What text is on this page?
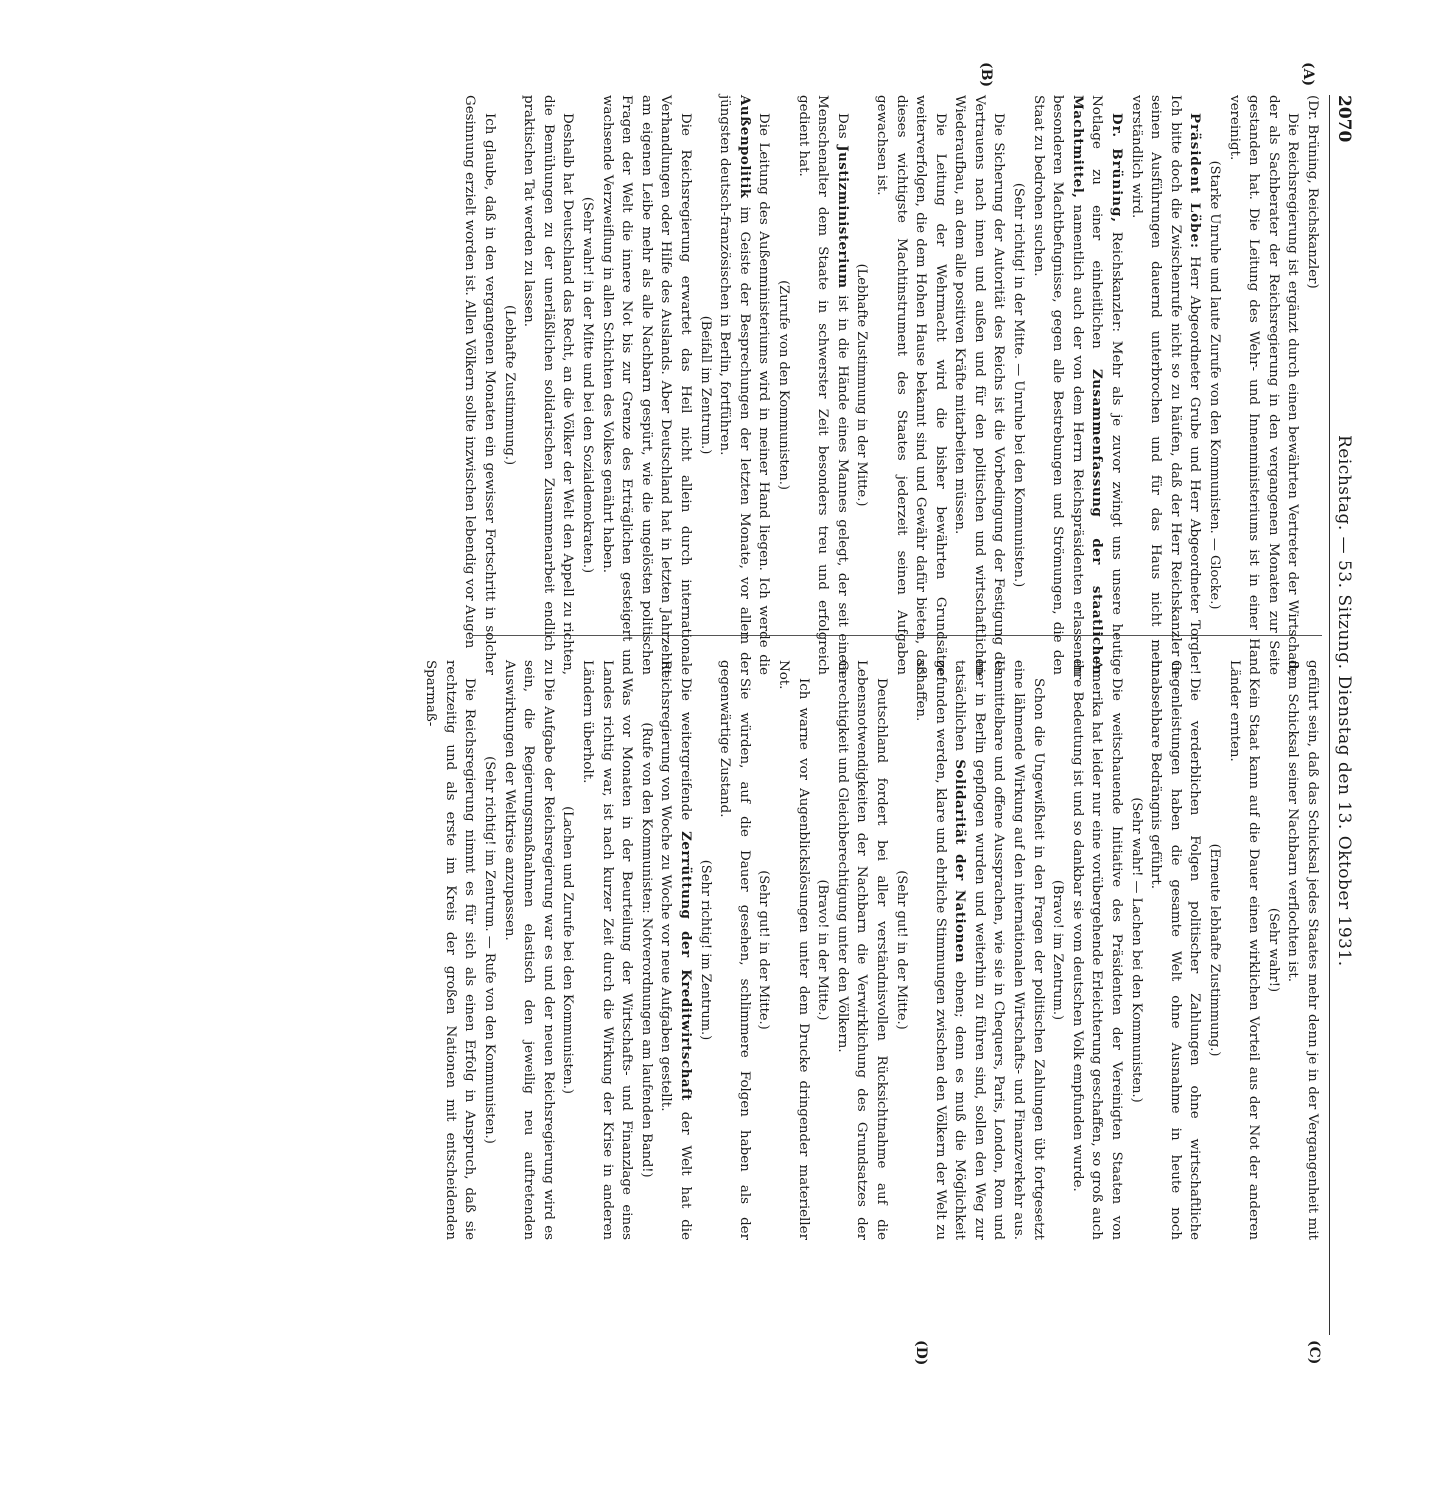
2070
Reichstag. — 53. Sitzung. Dienstag den 13. Oktober 1931.
(A)
(B)
(C)
(D)

(Dr. Brüning, Reichskanzler)

Die Reichsregierung ist ergänzt durch einen bewährten Vertreter der Wirtschaft, der als Sachberater der Reichsregierung in den vergangenen Monaten zur Seite gestanden hat. Die Leitung des Wehr- und Innenministeriums ist in einer Hand vereinigt.

(Starke Unruhe und laute Zurufe von den Kommunisten. — Glocke.)

Präsident Löbe: Herr Abgeordneter Grube und Herr Abgeordneter Torgler! Ich bitte doch die Zwischenrufe nicht so zu häufen, daß der Herr Reichskanzler in seinen Ausführungen dauernd unterbrochen und für das Haus nicht mehr verständlich wird.

Dr. Brüning, Reichskanzler: Mehr als je zuvor zwingt uns unsere heutige Notlage zu einer einheitlichen Zusammenfassung der staatlichen Machtmittel, namentlich auch der von dem Herrn Reichspräsidenten erlassenen besonderen Machtbefugnisse, gegen alle Bestrebungen und Strömungen, die den Staat zu bedrohen suchen.

(Sehr richtig! in der Mitte. — Unruhe bei den Kommunisten.)

Die Sicherung der Autorität des Reichs ist die Vorbedingung der Festigung des Vertrauens nach innen und außen und für den politischen und wirtschaftlichen Wiederaufbau, an dem alle positiven Kräfte mitarbeiten müssen.

Die Leitung der Wehrmacht wird die bisher bewährten Grundsätze weiterverfolgen, die dem Hohen Hause bekannt sind und Gewähr dafür bieten, daß dieses wichtigste Machtinstrument des Staates jederzeit seinen Aufgaben gewachsen ist.

(Lebhafte Zustimmung in der Mitte.)

Das Justizministerium ist in die Hände eines Mannes gelegt, der seit einem Menschenalter dem Staate in schwerster Zeit besonders treu und erfolgreich gedient hat.

(Zurufe von den Kommunisten.)

Die Leitung des Außenministeriums wird in meiner Hand liegen. Ich werde die Außenpolitik im Geiste der Besprechungen der letzten Monate, vor allem der jüngsten deutsch-französischen in Berlin, fortführen.

(Beifall im Zentrum.)

Die Reichsregierung erwartet das Heil nicht allein durch internationale Verhandlungen oder Hilfe des Auslands. Aber Deutschland hat in letzten Jahrzehnt am eigenen Leibe mehr als alle Nachbarn gespürt, wie die ungelösten politischen Fragen der Welt die innere Not bis zur Grenze des Erträglichen gesteigert und wachsende Verzweiflung in allen Schichten des Volkes genährt haben.

(Sehr wahr! in der Mitte und bei den Sozialdemokraten.)

Deshalb hat Deutschland das Recht, an die Völker der Welt den Appell zu richten, die Bemühungen zu der unerläßlichen solidarischen Zusammenarbeit endlich zu praktischen Tat werden zu lassen.

(Lebhafte Zustimmung.)

Ich glaube, daß in den vergangenen Monaten ein gewisser Fortschritt in solcher Gesinnung erzielt worden ist. Allen Völkern sollte inzwischen lebendig vor Augen

geführt sein, daß das Schicksal jedes Staates mehr denn je in der Vergangenheit mit dem Schicksal seiner Nachbarn verflochten ist.

(Sehr wahr!)

Kein Staat kann auf die Dauer einen wirklichen Vorteil aus der Not der anderen Länder ernten.

(Erneute lebhafte Zustimmung.)

Die verderblichen Folgen politischer Zahlungen ohne wirtschaftliche Gegenleistungen haben die gesamte Welt ohne Ausnahme in heute noch unabsehbare Bedrängnis geführt.

(Sehr wahr! — Lachen bei den Kommunisten.)

Die weitschauende Initiative des Präsidenten der Vereinigten Staaten von Amerika hat leider nur eine vorübergehende Erleichterung geschaffen, so groß auch ihre Bedeutung ist und so dankbar sie vom deutschen Volk empfunden wurde.

(Bravo! im Zentrum.)

Schon die Ungewißheit in den Fragen der politischen Zahlungen übt fortgesetzt eine lähmende Wirkung auf den internationalen Wirtschafts- und Finanzverkehr aus. Unmittelbare und offene Aussprachen, wie sie in Chequers, Paris, London, Rom und hier in Berlin gepflogen wurden und weiterhin zu führen sind, sollen den Weg zur tatsächlichen Solidarität der Nationen ebnen; denn es muß die Möglichkeit gefunden werden, klare und ehrliche Stimmungen zwischen den Völkern der Welt zu schaffen.

(Sehr gut! in der Mitte.)

Deutschland fordert bei aller verständnisvollen Rücksichtnahme auf die Lebensnotwendigkeiten der Nachbarn die Verwirklichung des Grundsatzes der Gerechtigkeit und Gleichberechtigung unter den Völkern.

(Bravo! in der Mitte.)

Ich warne vor Augenblickslösungen unter dem Drucke dringender materieller Not.

(Sehr gut! in der Mitte.)

Sie würden, auf die Dauer gesehen, schlimmere Folgen haben als der gegenwärtige Zustand.

(Sehr richtig! im Zentrum.)

Die weitergreifende Zerrüttung der Kreditwirtschaft der Welt hat die Reichsregierung von Woche zu Woche vor neue Aufgaben gestellt.

(Rufe von den Kommunisten: Notverordnungen am laufenden Band!)

Was vor Monaten in der Beurteilung der Wirtschafts- und Finanzlage eines Landes richtig war, ist nach kurzer Zeit durch die Wirkung der Krise in anderen Ländern überholt.

(Lachen und Zurufe bei den Kommunisten.)

Die Aufgabe der Reichsregierung war es und der neuen Reichsregierung wird es sein, die Regierungsmaßnahmen elastisch den jeweilig neu auftretenden Auswirkungen der Weltkrise anzupassen.

(Sehr richtig! im Zentrum. — Rufe von den Kommunisten.)

Die Reichsregierung nimmt es für sich als einen Erfolg in Anspruch, daß sie rechtzeitig und als erste im Kreis der großen Nationen mit entscheidenden Sparmaß-
